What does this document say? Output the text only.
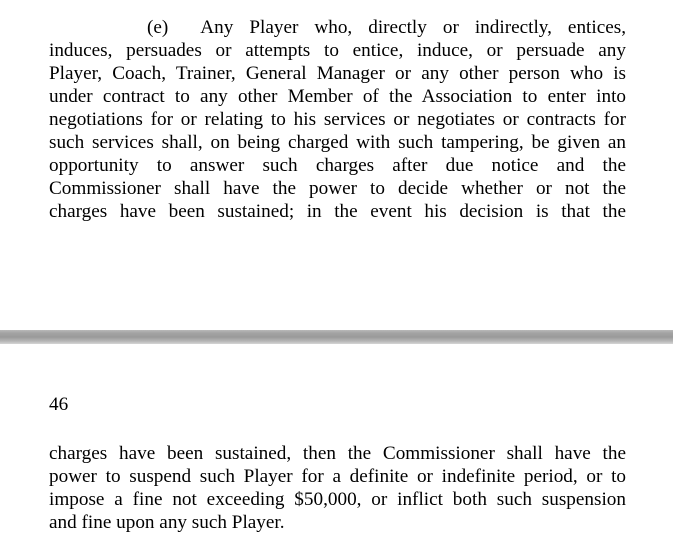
(e)  Any Player who, directly or indirectly, entices,
induces, persuades or attempts to entice, induce, or persuade any
Player, Coach, Trainer, General Manager or any other person who is
under contract to any other Member of the Association to enter into
negotiations for or relating to his services or negotiates or contracts for
such services shall, on being charged with such tampering, be given an
opportunity to answer such charges after due notice and the
Commissioner shall have the power to decide whether or not the
charges have been sustained; in the event his decision is that the
46
charges have been sustained, then the Commissioner shall have the
power to suspend such Player for a definite or indefinite period, or to
impose a fine not exceeding $50,000, or inflict both such suspension
and fine upon any such Player.
